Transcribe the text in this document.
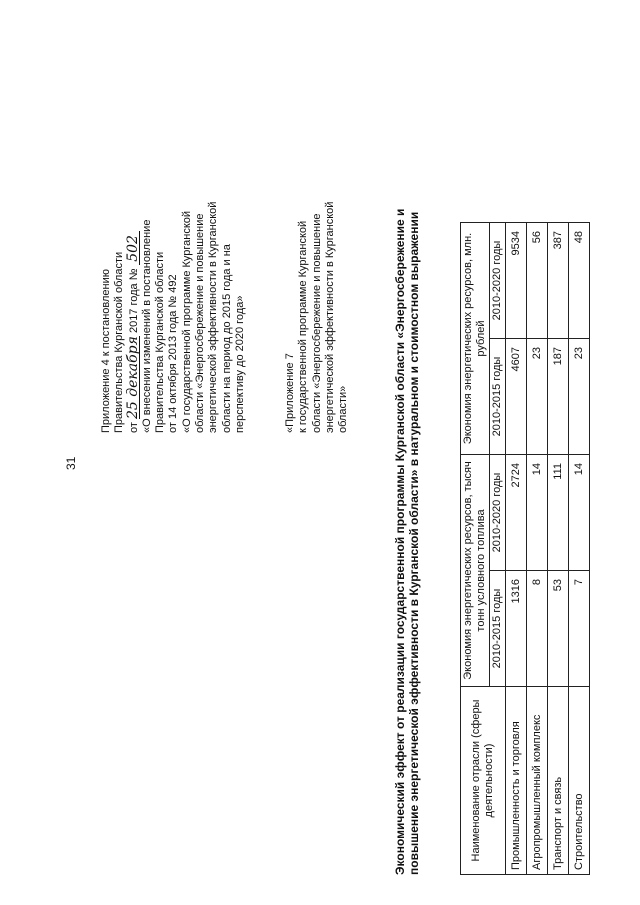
31
Приложение 4 к постановлению Правительства Курганской области от 25 декабря 2017 года № 502 «О внесении изменений в постановление Правительства Курганской области от 14 октября 2013 года № 492 «О государственной программе Курганской области «Энергосбережение и повышение энергетической эффективности в Курганской области на период до 2015 года и на перспективу до 2020 года»	«Приложение 7 к государственной программе Курганской области «Энергосбережение и повышение энергетической эффективности в Курганской области»	Экономический эффект от реализации государственной программы Курганской области «Энергосбережение и повышение энергетической эффективности в Курганской области» в натуральном и стоимостном выражении	Наименование отрасли (сферы деятельности)	Экономия энергетических ресурсов, тысяч тонн условного топлива		Экономия энергетических ресурсов, млн. рублей	
	2010-2015 годы	2010-2020 годы	2010-2015 годы	2010-2020 годы
Промышленность и торговля	1316	2724	4607	9534
Агропромышленный комплекс	8	14	23	56
Транспорт и связь	53	111	187	387
Строительство	7	14	23	48
